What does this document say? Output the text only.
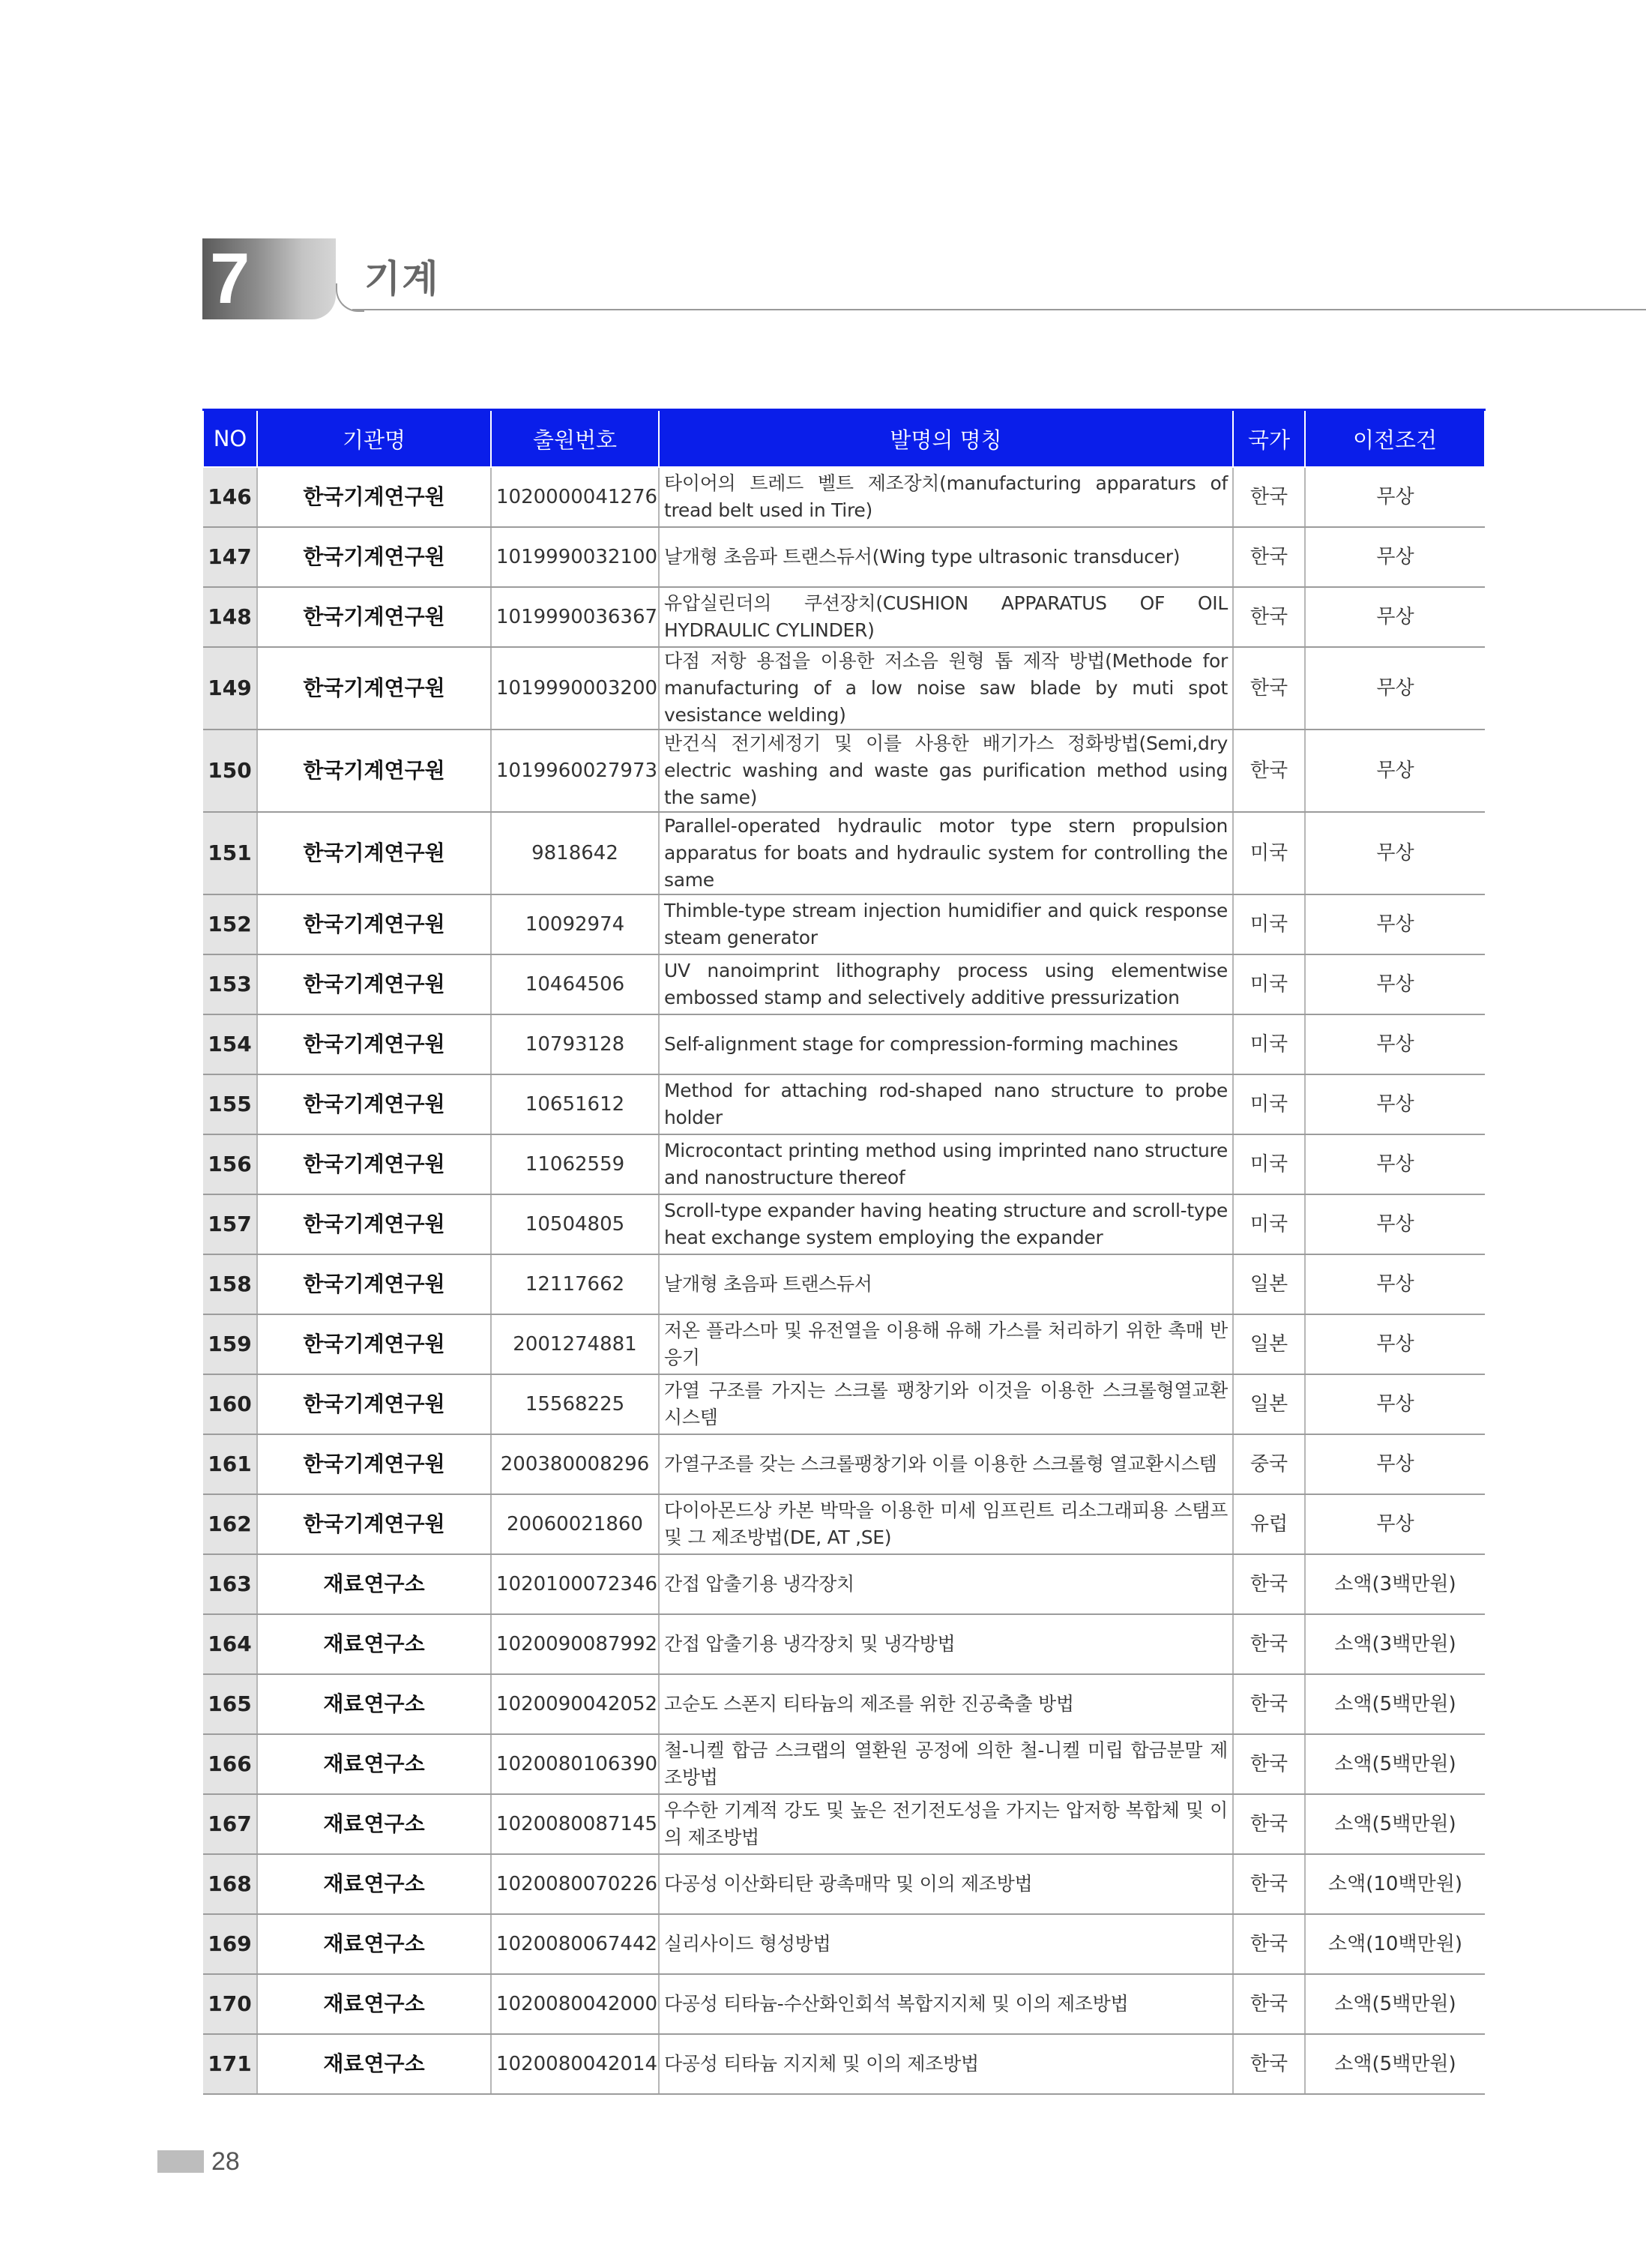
7	기계
NO	기관명	출원번호	발명의 명칭	국가	이전조건
146	한국기계연구원	1020000041276	타이어의 트레드 벨트 제조장치(manufacturing apparaturs of tread belt used in Tire)	한국	무상
147	한국기계연구원	1019990032100	날개형 초음파 트랜스듀서(Wing type ultrasonic transducer)	한국	무상
148	한국기계연구원	1019990036367	유압실린더의 쿠션장치(CUSHION APPARATUS OF OIL HYDRAULIC CYLINDER)	한국	무상
149	한국기계연구원	1019990003200	다점 저항 용접을 이용한 저소음 원형 톱 제작 방법(Methode for manufacturing of a low noise saw blade by muti spot vesistance welding)	한국	무상
150	한국기계연구원	1019960027973	반건식 전기세정기 및 이를 사용한 배기가스 정화방법(Semi,dry electric washing and waste gas purification method using the same)	한국	무상
151	한국기계연구원	9818642	Parallel-operated hydraulic motor type stern propulsion apparatus for boats and hydraulic system for controlling the same	미국	무상
152	한국기계연구원	10092974	Thimble-type stream injection humidifier and quick response steam generator	미국	무상
153	한국기계연구원	10464506	UV nanoimprint lithography process using elementwise embossed stamp and selectively additive pressurization	미국	무상
154	한국기계연구원	10793128	Self-alignment stage for compression-forming machines	미국	무상
155	한국기계연구원	10651612	Method for attaching rod-shaped nano structure to probe holder	미국	무상
156	한국기계연구원	11062559	Microcontact printing method using imprinted nano structure and nanostructure thereof	미국	무상
157	한국기계연구원	10504805	Scroll-type expander having heating structure and scroll-type heat exchange system employing the expander	미국	무상
158	한국기계연구원	12117662	날개형 초음파 트랜스듀서	일본	무상
159	한국기계연구원	2001274881	저온 플라스마 및 유전열을 이용해 유해 가스를 처리하기 위한 촉매 반응기	일본	무상
160	한국기계연구원	15568225	가열 구조를 가지는 스크롤 팽창기와 이것을 이용한 스크롤형열교환 시스템	일본	무상
161	한국기계연구원	200380008296	가열구조를 갖는 스크롤팽창기와 이를 이용한 스크롤형 열교환시스템	중국	무상
162	한국기계연구원	20060021860	다이아몬드상 카본 박막을 이용한 미세 임프린트 리소그래피용 스탬프 및 그 제조방법(DE, AT ,SE)	유럽	무상
163	재료연구소	1020100072346	간접 압출기용 냉각장치	한국	소액(3백만원)
164	재료연구소	1020090087992	간접 압출기용 냉각장치 및 냉각방법	한국	소액(3백만원)
165	재료연구소	1020090042052	고순도 스폰지 티타늄의 제조를 위한 진공축출 방법	한국	소액(5백만원)
166	재료연구소	1020080106390	철-니켈 합금 스크랩의 열환원 공정에 의한 철-니켈 미립 합금분말 제조방법	한국	소액(5백만원)
167	재료연구소	1020080087145	우수한 기계적 강도 및 높은 전기전도성을 가지는 압저항 복합체 및 이의 제조방법	한국	소액(5백만원)
168	재료연구소	1020080070226	다공성 이산화티탄 광촉매막 및 이의 제조방법	한국	소액(10백만원)
169	재료연구소	1020080067442	실리사이드 형성방법	한국	소액(10백만원)
170	재료연구소	1020080042000	다공성 티타늄-수산화인회석 복합지지체 및 이의 제조방법	한국	소액(5백만원)
171	재료연구소	1020080042014	다공성 티타늄 지지체 및 이의 제조방법	한국	소액(5백만원)
28
